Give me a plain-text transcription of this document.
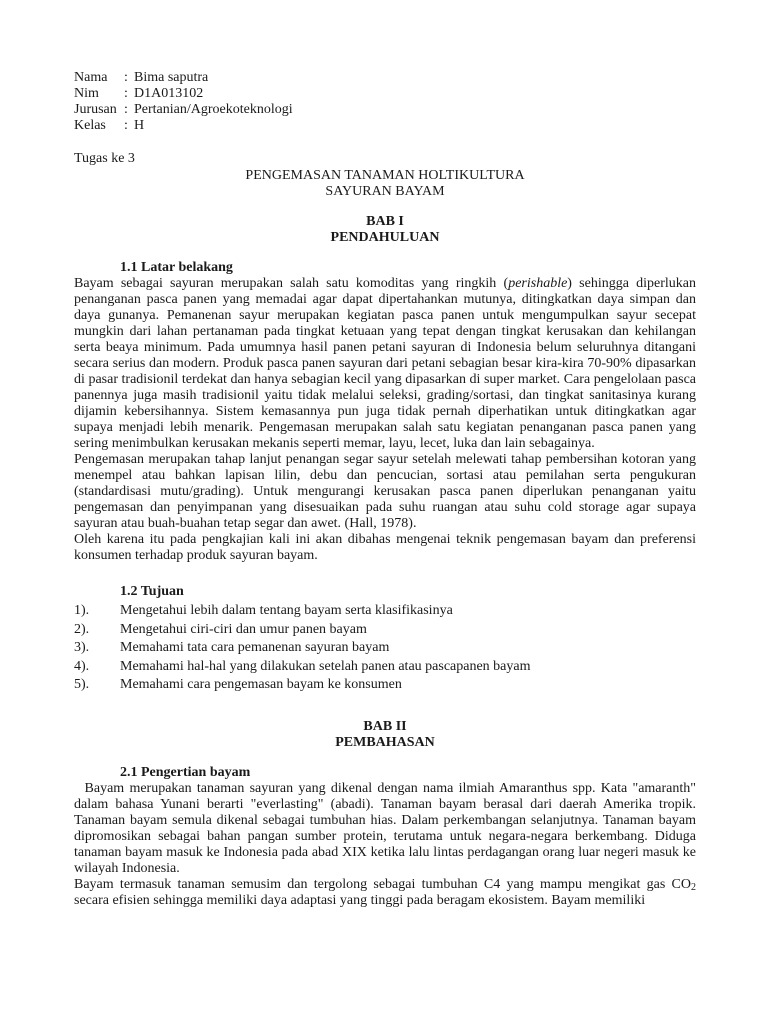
Nama	: Bima saputra
Nim	: D1A013102
Jurusan : Pertanian/Agroekoteknologi
Kelas	: H
Tugas ke 3
PENGEMASAN TANAMAN HOLTIKULTURA
SAYURAN BAYAM
BAB I
PENDAHULUAN
1.1 Latar belakang
Bayam sebagai sayuran merupakan salah satu komoditas yang ringkih (perishable) sehingga diperlukan penanganan pasca panen yang memadai agar dapat dipertahankan mutunya, ditingkatkan daya simpan dan daya gunanya. Pemanenan sayur merupakan kegiatan pasca panen untuk mengumpulkan sayur secepat mungkin dari lahan pertanaman pada tingkat ketuaan yang tepat dengan tingkat kerusakan dan kehilangan serta beaya minimum. Pada umumnya hasil panen petani sayuran di Indonesia belum seluruhnya ditangani secara serius dan modern. Produk pasca panen sayuran dari petani sebagian besar kira-kira 70-90% dipasarkan di pasar tradisionil terdekat dan hanya sebagian kecil yang dipasarkan di super market. Cara pengelolaan pasca panennya juga masih tradisionil yaitu tidak melalui seleksi, grading/sortasi, dan tingkat sanitasinya kurang dijamin kebersihannya. Sistem kemasannya pun juga tidak pernah diperhatikan untuk ditingkatkan agar supaya menjadi lebih menarik. Pengemasan merupakan salah satu kegiatan penanganan pasca panen yang sering menimbulkan kerusakan mekanis seperti memar, layu, lecet, luka dan lain sebagainya.
Pengemasan merupakan tahap lanjut penangan segar sayur setelah melewati tahap pembersihan kotoran yang menempel atau bahkan lapisan lilin, debu dan pencucian, sortasi atau pemilahan serta pengukuran (standardisasi mutu/grading). Untuk mengurangi kerusakan pasca panen diperlukan penanganan yaitu pengemasan dan penyimpanan yang disesuaikan pada suhu ruangan atau suhu cold storage agar supaya sayuran atau buah-buahan tetap segar dan awet. (Hall, 1978).
Oleh karena itu pada pengkajian kali ini akan dibahas mengenai teknik pengemasan bayam dan preferensi konsumen terhadap produk sayuran bayam.
1.2 Tujuan
1).	Mengetahui lebih dalam tentang bayam serta klasifikasinya
2).	Mengetahui ciri-ciri dan umur panen bayam
3).	Memahami tata cara pemanenan sayuran bayam
4).	Memahami hal-hal yang dilakukan setelah panen atau pascapanen bayam
5).	Memahami cara pengemasan bayam ke konsumen
BAB II
PEMBAHASAN
2.1 Pengertian bayam
Bayam merupakan tanaman sayuran yang dikenal dengan nama ilmiah Amaranthus spp. Kata "amaranth" dalam bahasa Yunani berarti "everlasting" (abadi). Tanaman bayam berasal dari daerah Amerika tropik. Tanaman bayam semula dikenal sebagai tumbuhan hias. Dalam perkembangan selanjutnya. Tanaman bayam dipromosikan sebagai bahan pangan sumber protein, terutama untuk negara-negara berkembang. Diduga tanaman bayam masuk ke Indonesia pada abad XIX ketika lalu lintas perdagangan orang luar negeri masuk ke wilayah Indonesia.
Bayam termasuk tanaman semusim dan tergolong sebagai tumbuhan C4 yang mampu mengikat gas $CO_2$ secara efisien sehingga memiliki daya adaptasi yang tinggi pada beragam ekosistem. Bayam memiliki
